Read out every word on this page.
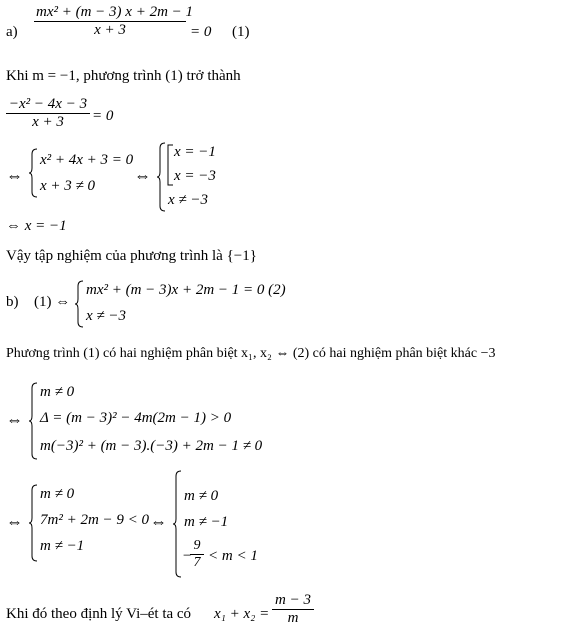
$a) \frac{\text{mx² + (m − 3) x + 2m − 1}}{x + 3} = 0$ (1)
Khi m = −1, phương trình (1) trở thành
$\frac{\text{−x² − 4x − 3}}{x + 3} = 0$
⇔
x² + 4x + 3 = 0
x + 3 ≠ 0
⇔
x = −1
x = −3
x ≠ −3
⇔ x = −1
Vậy tập nghiệm của phương trình là {−1}
b) (1) ⇔
mx² + (m − 3)x + 2m − 1 = 0 (2)
x ≠ −3
Phương trình (1) có hai nghiệm phân biệt x₁, x₂ ⇔ (2) có hai nghiệm phân biệt khác −3
⇔
m ≠ 0
Δ = (m − 3)² − 4m(2m − 1) > 0
m(−3)² + (m − 3).(−3) + 2m − 1 ≠ 0
⇔
m ≠ 0
7m² + 2m − 9 < 0
m ≠ −1
⇔
m ≠ 0
m ≠ −1
−
$\frac{9}{7} < m < 1$
Khi đó theo định lý Vi–ét ta có $x_1 + x_2 = \frac{m - 3}{m}$
